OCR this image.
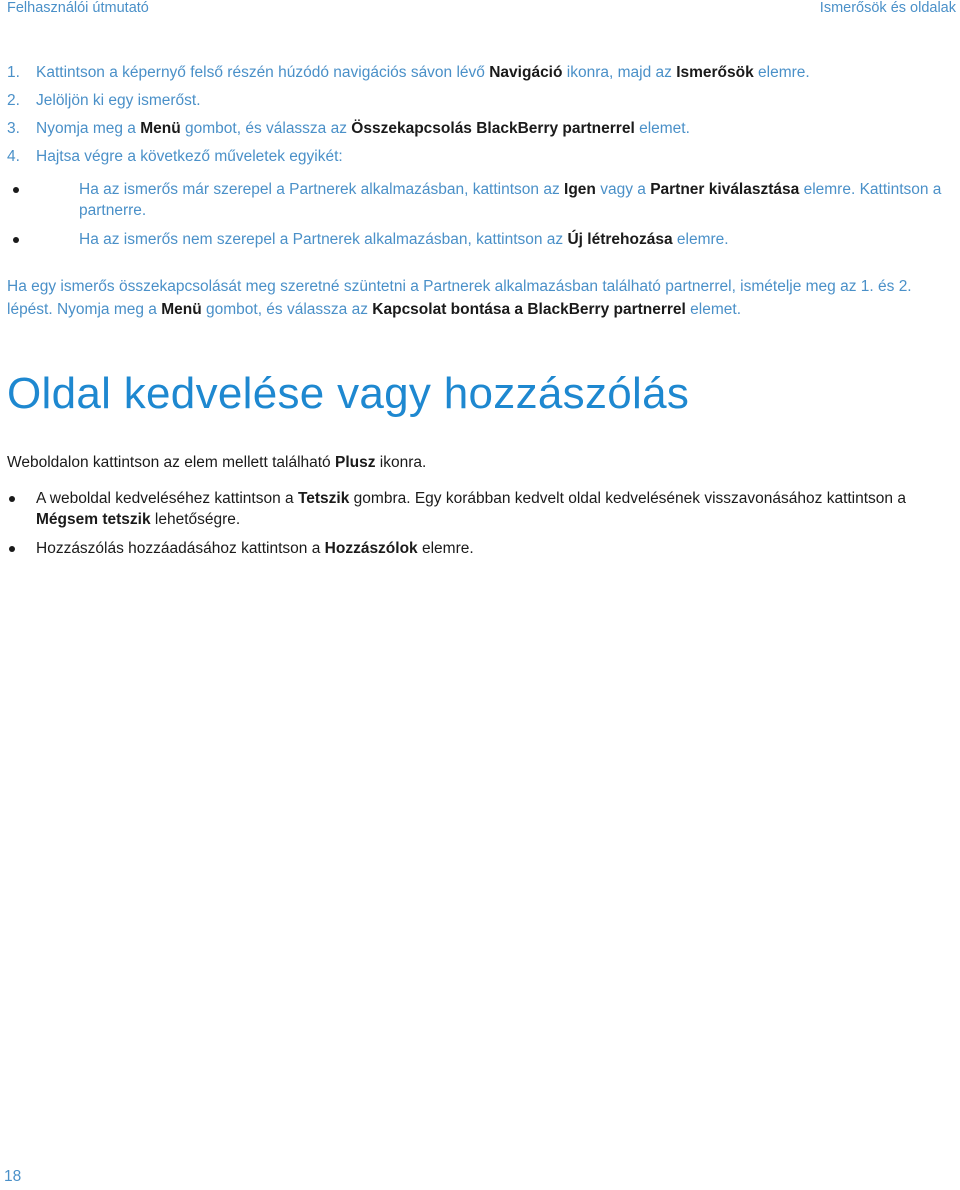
Felhasználói útmutató	Ismerősök és oldalak
1. Kattintson a képernyő felső részén húzódó navigációs sávon lévő Navigáció ikonra, majd az Ismerősök elemre.
2. Jelöljön ki egy ismerőst.
3. Nyomja meg a Menü gombot, és válassza az Összekapcsolás BlackBerry partnerrel elemet.
4. Hajtsa végre a következő műveletek egyikét:
Ha az ismerős már szerepel a Partnerek alkalmazásban, kattintson az Igen vagy a Partner kiválasztása elemre. Kattintson a partnerre.
Ha az ismerős nem szerepel a Partnerek alkalmazásban, kattintson az Új létrehozása elemre.

Ha egy ismerős összekapcsolását meg szeretné szüntetni a Partnerek alkalmazásban található partnerrel, ismételje meg az 1. és 2. lépést. Nyomja meg a Menü gombot, és válassza az Kapcsolat bontása a BlackBerry partnerrel elemet.

Oldal kedvelése vagy hozzászólás

Weboldalon kattintson az elem mellett található Plusz ikonra.

A weboldal kedveléséhez kattintson a Tetszik gombra. Egy korábban kedvelt oldal kedvelésének visszavonásához kattintson a Mégsem tetszik lehetőségre.
Hozzászólás hozzáadásához kattintson a Hozzászólok elemre.
18
